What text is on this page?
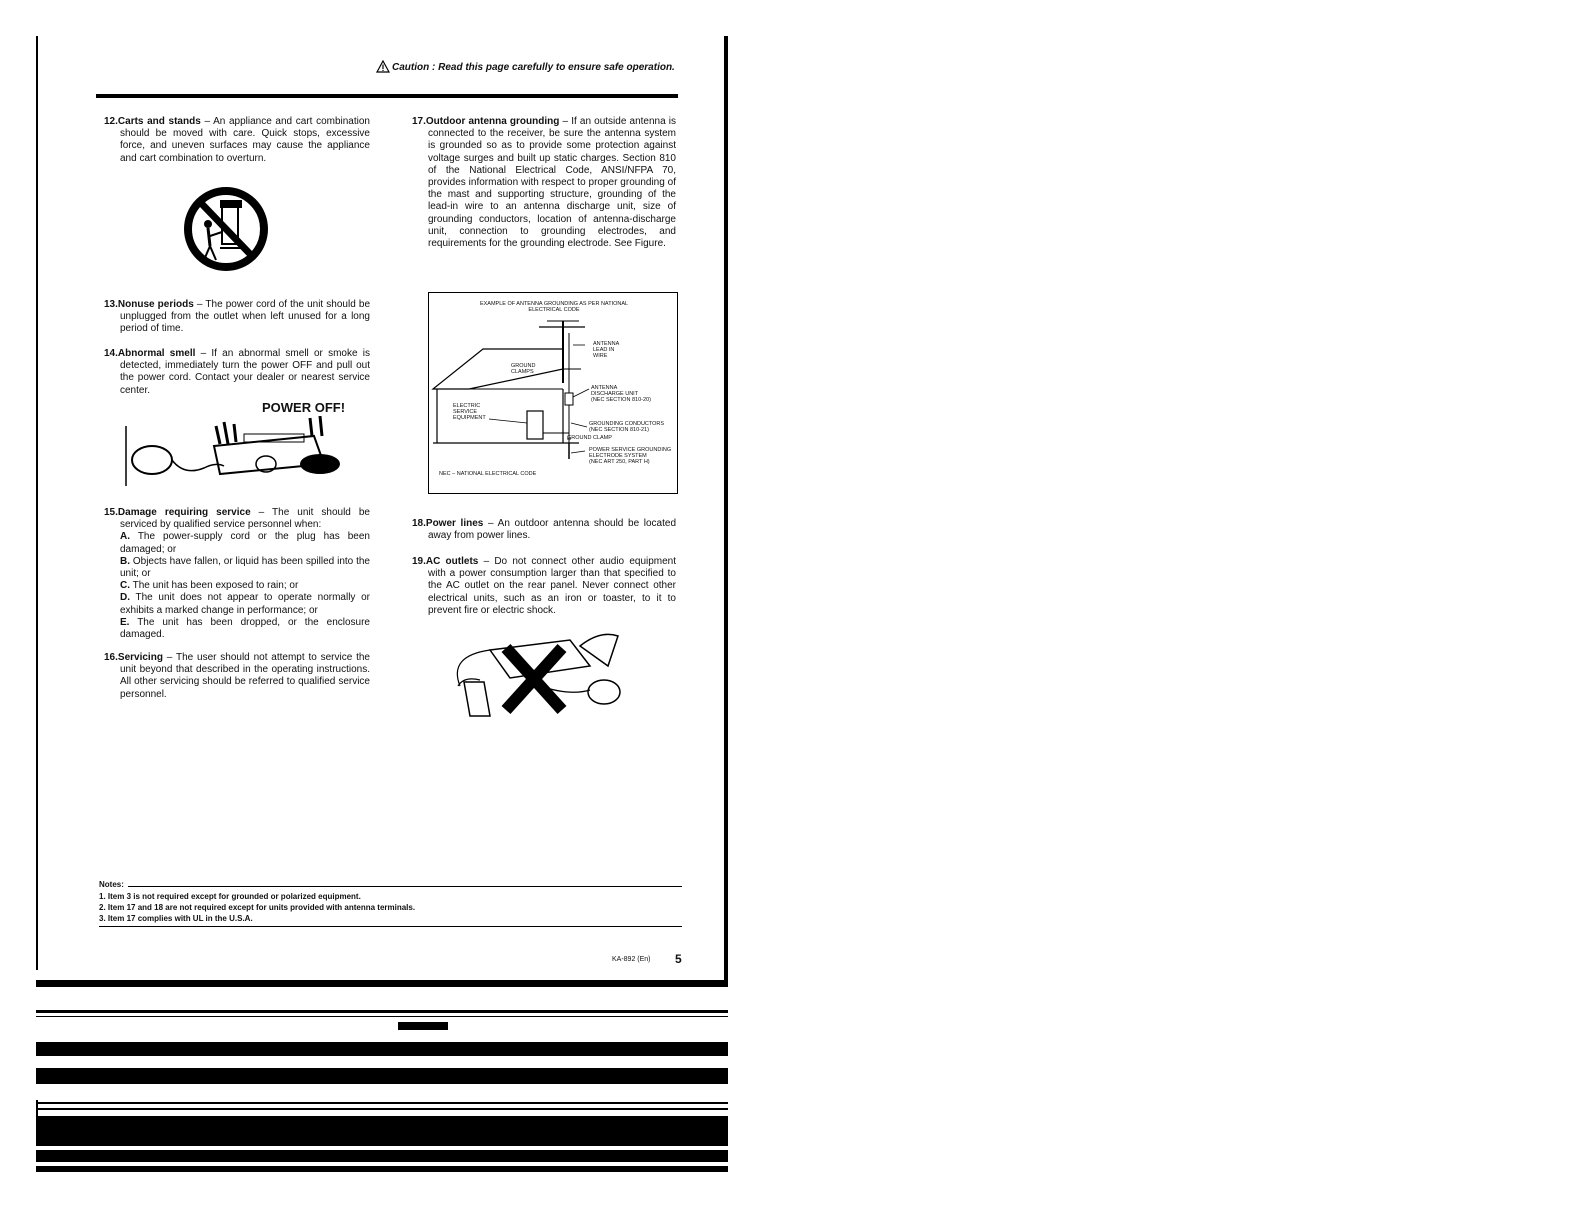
Caution : Read this page carefully to ensure safe operation.
12.Carts and stands – An appliance and cart combination should be moved with care. Quick stops, excessive force, and uneven surfaces may cause the appliance and cart combination to overturn.
13.Nonuse periods – The power cord of the unit should be unplugged from the outlet when left unused for a long period of time.
14.Abnormal smell – If an abnormal smell or smoke is detected, immediately turn the power OFF and pull out the power cord. Contact your dealer or nearest service center.
POWER OFF!
15.Damage requiring service – The unit should be serviced by qualified service personnel when:
A. The power-supply cord or the plug has been damaged; or
B. Objects have fallen, or liquid has been spilled into the unit; or
C. The unit has been exposed to rain; or
D. The unit does not appear to operate normally or exhibits a marked change in performance; or
E. The unit has been dropped, or the enclosure damaged.
16.Servicing – The user should not attempt to service the unit beyond that described in the operating instructions. All other servicing should be referred to qualified service personnel.
17.Outdoor antenna grounding – If an outside antenna is connected to the receiver, be sure the antenna system is grounded so as to provide some protection against voltage surges and built up static charges. Section 810 of the National Electrical Code, ANSI/NFPA 70, provides information with respect to proper grounding of the mast and supporting structure, grounding of the lead-in wire to an antenna discharge unit, size of grounding conductors, location of antenna-discharge unit, connection to grounding electrodes, and requirements for the grounding electrode. See Figure.
EXAMPLE OF ANTENNA GROUNDING AS PER NATIONAL
ELECTRICAL CODE
ANTENNA
LEAD IN
WIRE
GROUND
CLAMPS
ANTENNA
DISCHARGE UNIT
(NEC SECTION 810-20)
ELECTRIC
SERVICE
EQUIPMENT
GROUNDING CONDUCTORS
(NEC SECTION 810-21)
GROUND CLAMP
POWER SERVICE GROUNDING
ELECTRODE SYSTEM
(NEC ART 250, PART H)
NEC – NATIONAL ELECTRICAL CODE
18.Power lines – An outdoor antenna should be located away from power lines.
19.AC outlets – Do not connect other audio equipment with a power consumption larger than that specified to the AC outlet on the rear panel. Never connect other electrical units, such as an iron or toaster, to it to prevent fire or electric shock.
Notes:
1. Item 3 is not required except for grounded or polarized equipment.
2. Item 17 and 18 are not required except for units provided with antenna terminals.
3. Item 17 complies with UL in the U.S.A.
KA-892 (En) 5
